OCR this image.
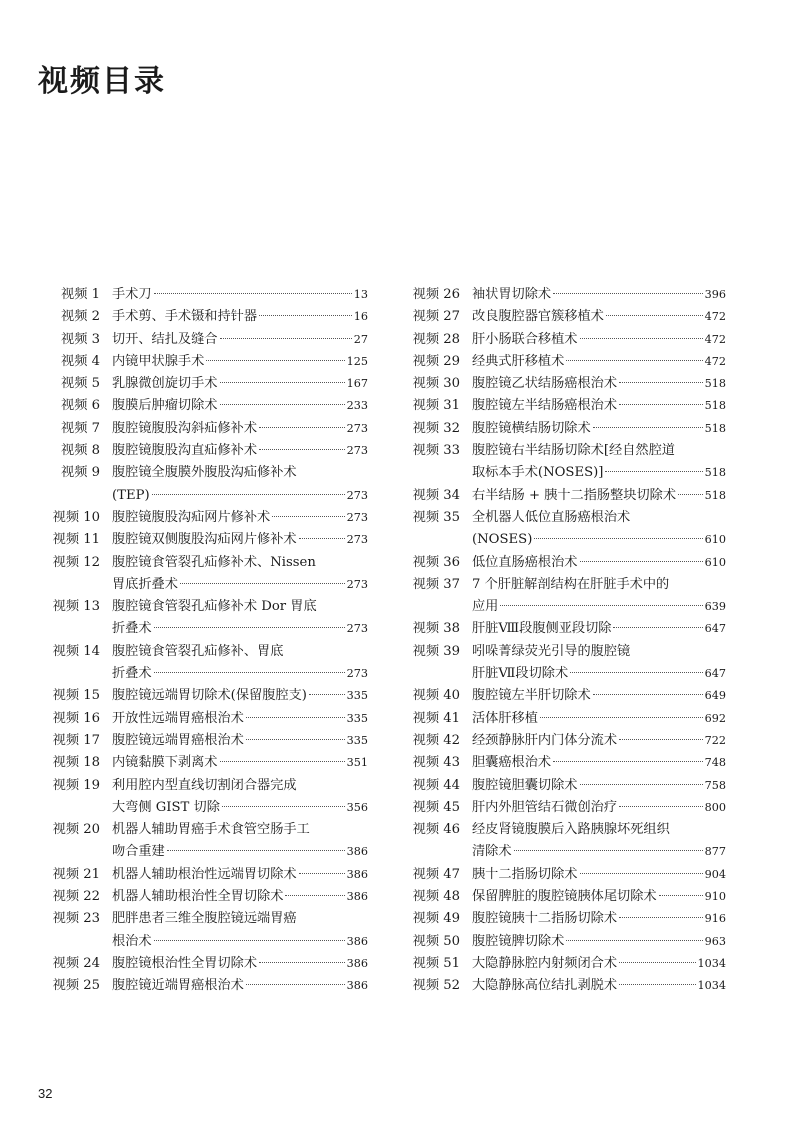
视频目录
视频 1 手术刀	13
视频 2 手术剪、手术镊和持针器	16
视频 3 切开、结扎及缝合	27
视频 4 内镜甲状腺手术	125
视频 5 乳腺微创旋切手术	167
视频 6 腹膜后肿瘤切除术	233
视频 7 腹腔镜腹股沟斜疝修补术	273
视频 8 腹腔镜腹股沟直疝修补术	273
视频 9 腹腔镜全腹膜外腹股沟疝修补术
(TEP)	273
视频 10 腹腔镜腹股沟疝网片修补术	273
视频 11 腹腔镜双侧腹股沟疝网片修补术	273
视频 12 腹腔镜食管裂孔疝修补术、Nissen
胃底折叠术	273
视频 13 腹腔镜食管裂孔疝修补术 Dor 胃底
折叠术	273
视频 14 腹腔镜食管裂孔疝修补、胃底
折叠术	273
视频 15 腹腔镜远端胃切除术(保留腹腔支)	335
视频 16 开放性远端胃癌根治术	335
视频 17 腹腔镜远端胃癌根治术	335
视频 18 内镜黏膜下剥离术	351
视频 19 利用腔内型直线切割闭合器完成
大弯侧 GIST 切除	356
视频 20 机器人辅助胃癌手术食管空肠手工
吻合重建	386
视频 21 机器人辅助根治性远端胃切除术	386
视频 22 机器人辅助根治性全胃切除术	386
视频 23 肥胖患者三维全腹腔镜远端胃癌
根治术	386
视频 24 腹腔镜根治性全胃切除术	386
视频 25 腹腔镜近端胃癌根治术	386
视频 26 袖状胃切除术	396
视频 27 改良腹腔器官簇移植术	472
视频 28 肝小肠联合移植术	472
视频 29 经典式肝移植术	472
视频 30 腹腔镜乙状结肠癌根治术	518
视频 31 腹腔镜左半结肠癌根治术	518
视频 32 腹腔镜横结肠切除术	518
视频 33 腹腔镜右半结肠切除术[经自然腔道
取标本手术(NOSES)]	518
视频 34 右半结肠 + 胰十二指肠整块切除术	518
视频 35 全机器人低位直肠癌根治术
(NOSES)	610
视频 36 低位直肠癌根治术	610
视频 37 7 个肝脏解剖结构在肝脏手术中的
应用	639
视频 38 肝脏Ⅷ段腹侧亚段切除	647
视频 39 吲哚菁绿荧光引导的腹腔镜
肝脏Ⅶ段切除术	647
视频 40 腹腔镜左半肝切除术	649
视频 41 活体肝移植	692
视频 42 经颈静脉肝内门体分流术	722
视频 43 胆囊癌根治术	748
视频 44 腹腔镜胆囊切除术	758
视频 45 肝内外胆管结石微创治疗	800
视频 46 经皮肾镜腹膜后入路胰腺坏死组织
清除术	877
视频 47 胰十二指肠切除术	904
视频 48 保留脾脏的腹腔镜胰体尾切除术	910
视频 49 腹腔镜胰十二指肠切除术	916
视频 50 腹腔镜脾切除术	963
视频 51 大隐静脉腔内射频闭合术	1034
视频 52 大隐静脉高位结扎剥脱术	1034
32
